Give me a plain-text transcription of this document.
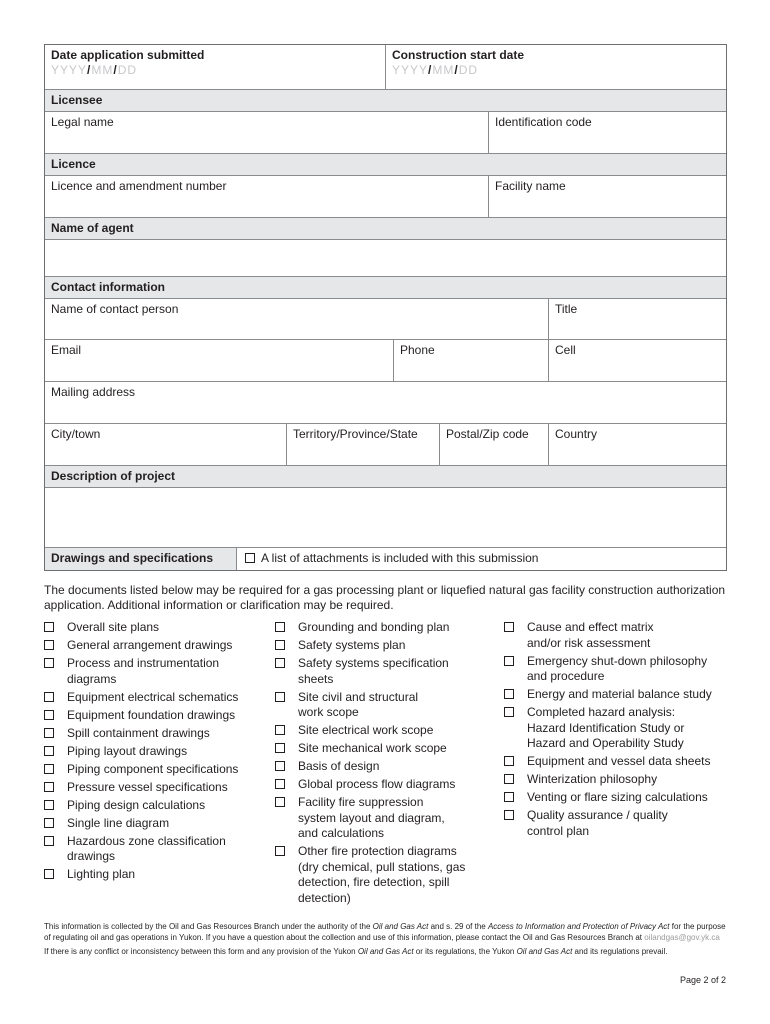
Date application submitted
YYYY/MM/DD
Construction start date
YYYY/MM/DD
Licensee
Legal name	Identification code
Licence
Licence and amendment number	Facility name
Name of agent
Contact information
Name of contact person	Title
Email	Phone	Cell
Mailing address
City/town	Territory/Province/State	Postal/Zip code	Country
Description of project
Drawings and specifications	A list of attachments is included with this submission
The documents listed below may be required for a gas processing plant or liquefied natural gas facility construction authorization application. Additional information or clarification may be required.
Overall site plans
General arrangement drawings
Process and instrumentation diagrams
Equipment electrical schematics
Equipment foundation drawings
Spill containment drawings
Piping layout drawings
Piping component specifications
Pressure vessel specifications
Piping design calculations
Single line diagram
Hazardous zone classification drawings
Lighting plan
Grounding and bonding plan
Safety systems plan
Safety systems specification sheets
Site civil and structural work scope
Site electrical work scope
Site mechanical work scope
Basis of design
Global process flow diagrams
Facility fire suppression system layout and diagram, and calculations
Other fire protection diagrams (dry chemical, pull stations, gas detection, fire detection, spill detection)
Cause and effect matrix and/or risk assessment
Emergency shut-down philosophy and procedure
Energy and material balance study
Completed hazard analysis: Hazard Identification Study or Hazard and Operability Study
Equipment and vessel data sheets
Winterization philosophy
Venting or flare sizing calculations
Quality assurance / quality control plan
This information is collected by the Oil and Gas Resources Branch under the authority of the Oil and Gas Act and s. 29 of the Access to Information and Protection of Privacy Act for the purpose of regulating oil and gas operations in Yukon. If you have a question about the collection and use of this information, please contact the Oil and Gas Resources Branch at oilandgas@gov.yk.ca
If there is any conflict or inconsistency between this form and any provision of the Yukon Oil and Gas Act or its regulations, the Yukon Oil and Gas Act and its regulations prevail.
Page 2 of 2
